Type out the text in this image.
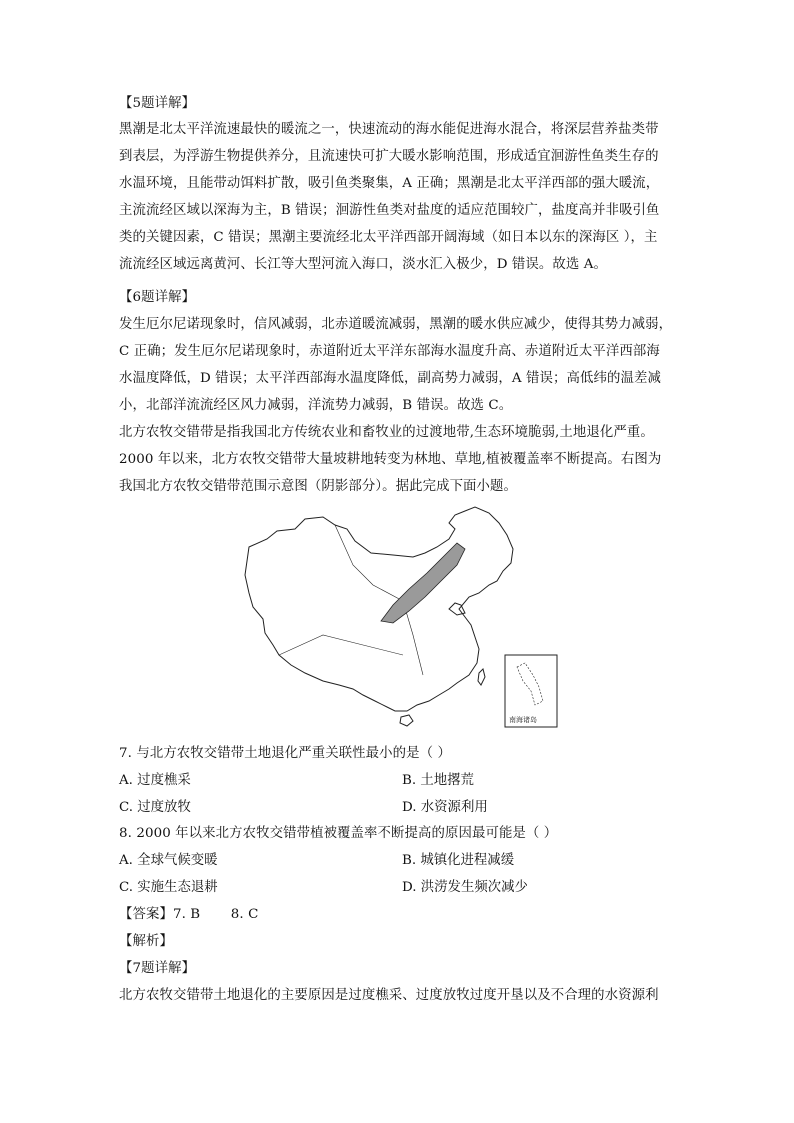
【5题详解】
黑潮是北太平洋流速最快的暖流之一，快速流动的海水能促进海水混合，将深层营养盐类带
到表层，为浮游生物提供养分，且流速快可扩大暖水影响范围，形成适宜洄游性鱼类生存的
水温环境，且能带动饵料扩散，吸引鱼类聚集，A 正确；黑潮是北太平洋西部的强大暖流，
主流流经区域以深海为主，B 错误；洄游性鱼类对盐度的适应范围较广，盐度高并非吸引鱼
类的关键因素，C 错误；黑潮主要流经北太平洋西部开阔海域（如日本以东的深海区 ），主
流流经区域远离黄河、长江等大型河流入海口，淡水汇入极少，D 错误。故选 A。
【6题详解】
发生厄尔尼诺现象时，信风减弱，北赤道暖流减弱，黑潮的暖水供应减少，使得其势力减弱，
C 正确；发生厄尔尼诺现象时，赤道附近太平洋东部海水温度升高、赤道附近太平洋西部海
水温度降低，D 错误；太平洋西部海水温度降低，副高势力减弱，A 错误；高低纬的温差减
小，北部洋流流经区风力减弱，洋流势力减弱，B 错误。故选 C。
北方农牧交错带是指我国北方传统农业和畜牧业的过渡地带,生态环境脆弱,土地退化严重。
2000 年以来，北方农牧交错带大量坡耕地转变为林地、草地,植被覆盖率不断提高。右图为
我国北方农牧交错带范围示意图（阴影部分）。据此完成下面小题。
南海诸岛
7. 与北方农牧交错带土地退化严重关联性最小的是（ ）
A. 过度樵采	B. 土地撂荒
C. 过度放牧	D. 水资源利用
8. 2000 年以来北方农牧交错带植被覆盖率不断提高的原因最可能是（ ）
A. 全球气候变暖	B. 城镇化进程减缓
C. 实施生态退耕	D. 洪涝发生频次减少
【答案】7. B       8. C
【解析】
【7题详解】
北方农牧交错带土地退化的主要原因是过度樵采、过度放牧过度开垦以及不合理的水资源利
